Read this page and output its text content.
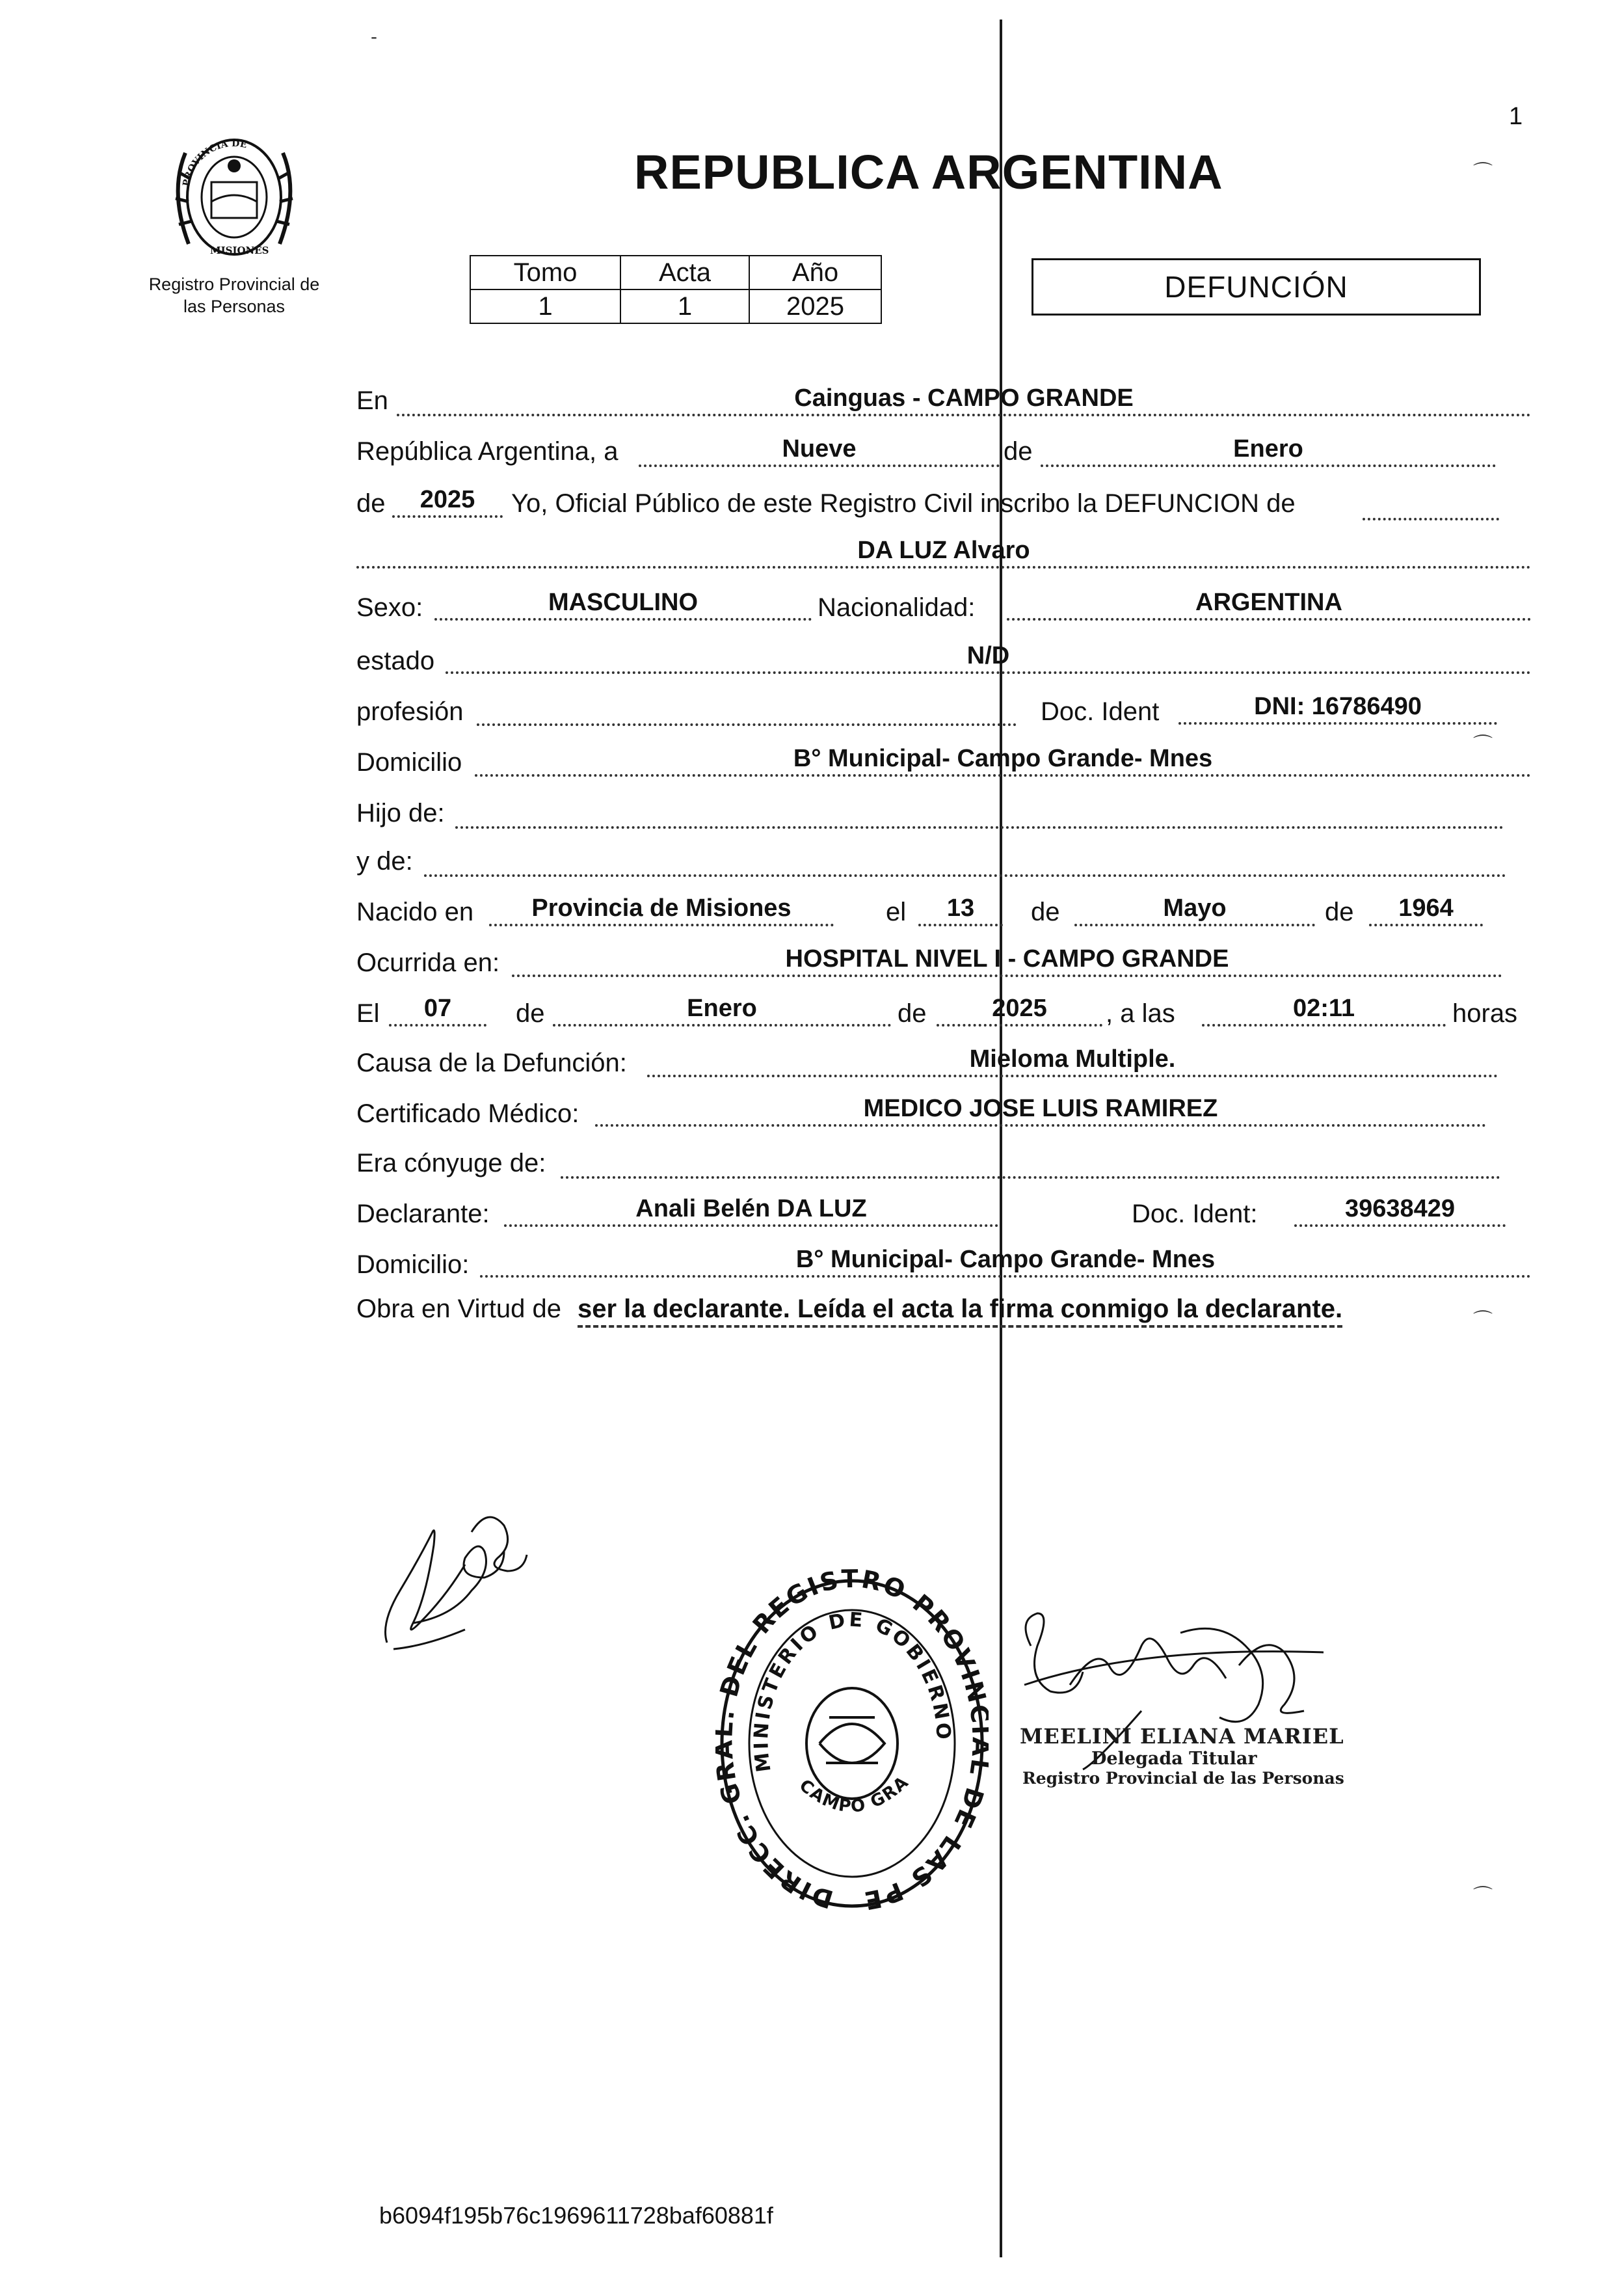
1
PROVINCIA DE
MISIONES
Registro Provincial de
las Personas
REPUBLICA ARGENTINA
Tomo	Acta	Año
1	1	2025
DEFUNCIÓN
En	Cainguas - CAMPO GRANDE
República Argentina, a	Nueve	de	Enero
de	2025	Yo, Oficial Público de este Registro Civil inscribo la DEFUNCION de
DA LUZ Alvaro
Sexo:	MASCULINO	Nacionalidad:	ARGENTINA
estado	N/D
profesión	Doc. Ident	DNI: 16786490
Domicilio	B° Municipal- Campo Grande- Mnes
Hijo de:
y de:
Nacido en	Provincia de Misiones	el	13	de	Mayo	de	1964
Ocurrida en:	HOSPITAL NIVEL I - CAMPO GRANDE
El	07	de	Enero	de	2025	, a las	02:11	horas
Causa de la Defunción:	Mieloma Multiple.
Certificado Médico:	MEDICO JOSE LUIS RAMIREZ
Era cónyuge de:
Declarante:	Anali Belén DA LUZ	Doc. Ident:	39638429
Domicilio:	B° Municipal- Campo Grande- Mnes
Obra en Virtud de ser la declarante. Leída el acta la firma conmigo la declarante.
DIRECC. G DEL REGISTRO PROVI DE LAS PE
MINISTERIO DE GOBIERNO
CAMPO GRA
MEELINI ELIANA MARIEL
Delegada Titular
Registro Provincial de las Personas
⌒
⌒
⌒
⌒
-
b6094f195b76c1969611728baf60881f
